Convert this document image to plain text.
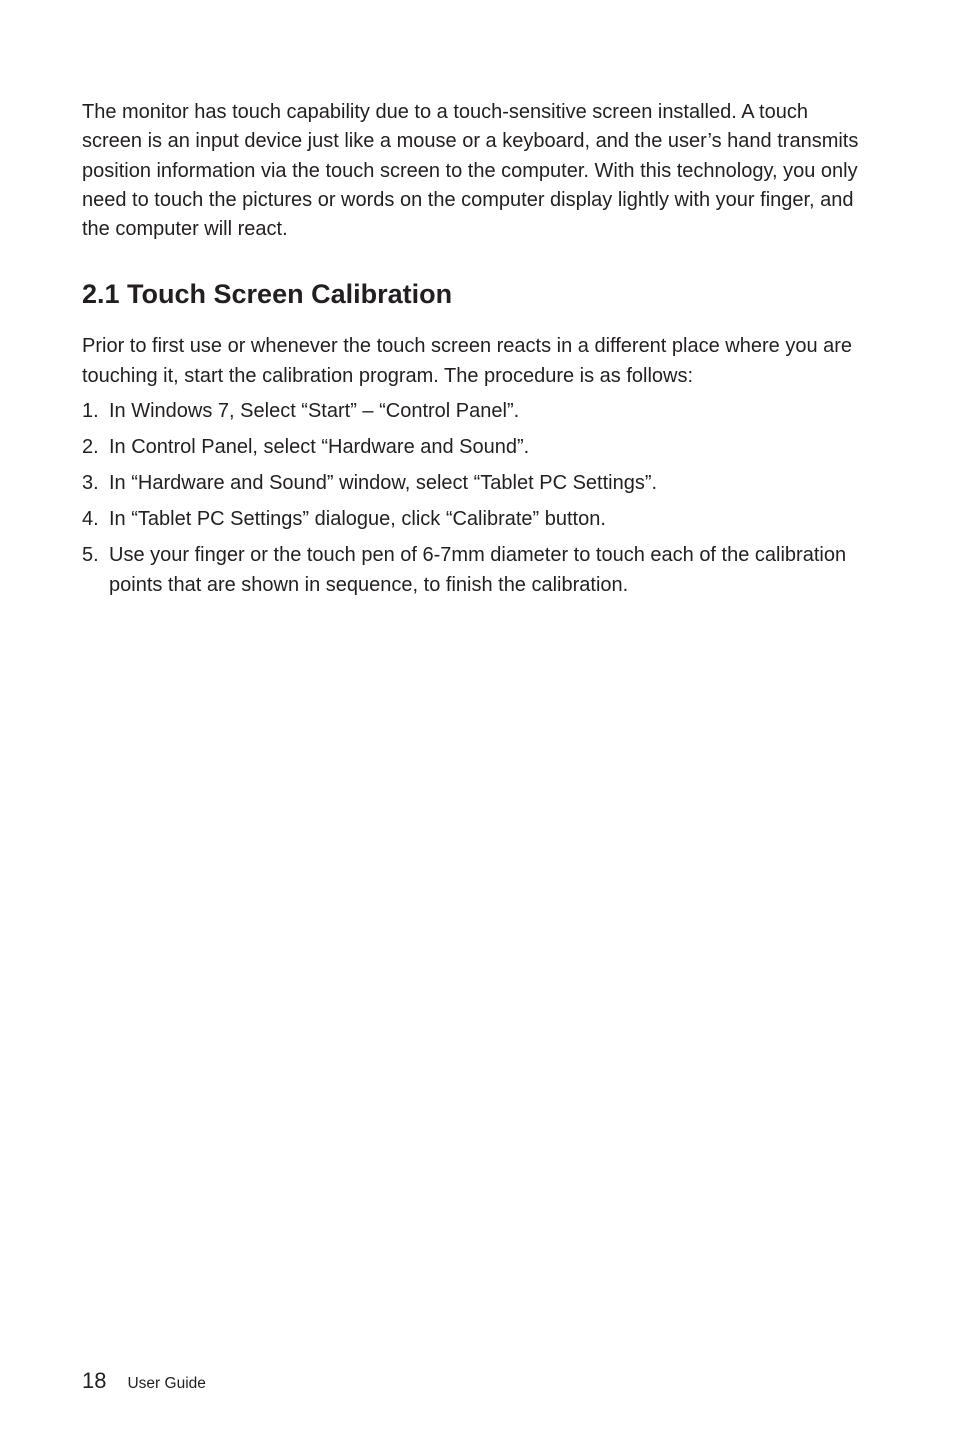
The monitor has touch capability due to a touch-sensitive screen installed. A touch screen is an input device just like a mouse or a keyboard, and the user’s hand transmits position information via the touch screen to the computer. With this technology, you only need to touch the pictures or words on the computer display lightly with your finger, and the computer will react.

2.1 Touch Screen Calibration

Prior to first use or whenever the touch screen reacts in a different place where you are touching it, start the calibration program. The procedure is as follows:

1. In Windows 7, Select “Start” – “Control Panel”.
2. In Control Panel, select “Hardware and Sound”.
3. In “Hardware and Sound” window, select “Tablet PC Settings”.
4. In “Tablet PC Settings” dialogue, click “Calibrate” button.
5. Use your finger or the touch pen of 6-7mm diameter to touch each of the calibration points that are shown in sequence, to finish the calibration.
18 User Guide
